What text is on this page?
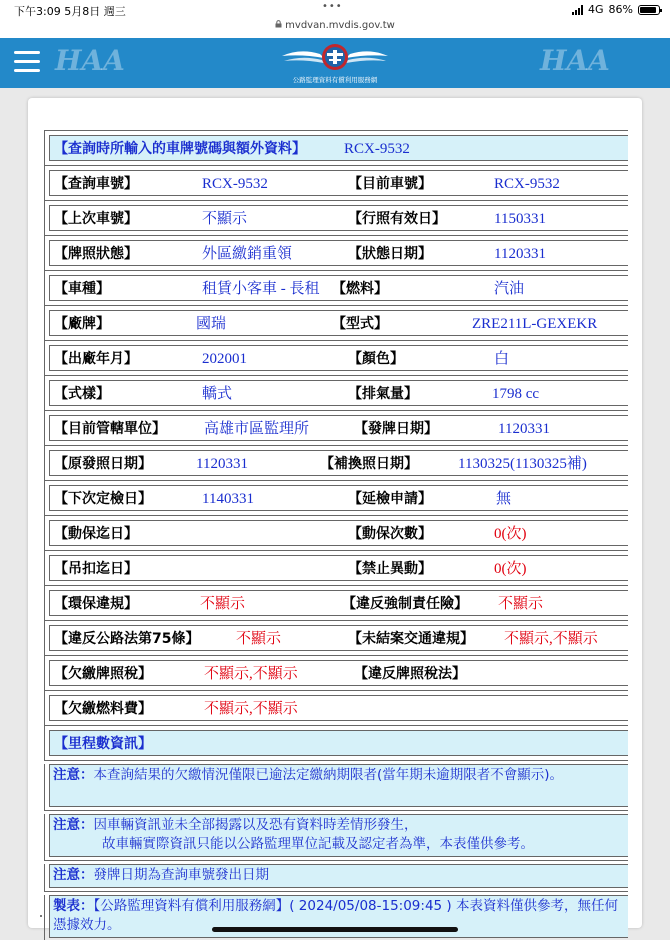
下午3:09 5月8日 週三	•••	4G 86%
mvdvan.mvdis.gov.tw
HAA	HAA
公路監理資料有償利用服務網
【查詢時所輸入的車牌號碼與額外資料】	RCX-9532
【查詢車號】	RCX-9532	【目前車號】	RCX-9532
【上次車號】	不顯示	【行照有效日】	1150331
【牌照狀態】	外區繳銷重領	【狀態日期】	1120331
【車種】	租賃小客車 - 長租 【燃料】	汽油
【廠牌】	國瑞	【型式】	ZRE211L-GEXEKR
【出廠年月】	202001	【顏色】	白
【式樣】	轎式	【排氣量】	1798 cc
【目前管轄單位】	高雄市區監理所	【發牌日期】	1120331
【原發照日期】	1120331	【補換照日期】	1130325(1130325補)
【下次定檢日】	1140331	【延檢申請】	無
【動保迄日】	【動保次數】	0(次)
【吊扣迄日】	【禁止異動】	0(次)
【環保違規】	不顯示	【違反強制責任險】 不顯示
【違反公路法第75條】 不顯示	【未結案交通違規】 不顯示,不顯示
【欠繳牌照稅】	不顯示,不顯示	【違反牌照稅法】
【欠繳燃料費】	不顯示,不顯示
【里程數資訊】
注意：本查詢結果的欠繳情況僅限已逾法定繳納期限者(當年期未逾期限者不會顯示)。
注意：因車輛資訊並未全部揭露以及恐有資料時差情形發生，
故車輛實際資訊只能以公路監理單位記載及認定者為準，本表僅供參考。
注意：發牌日期為查詢車號發出日期
製表：【公路監理資料有償利用服務網】( 2024/05/08-15:09:45 ) 本表資料僅供參考，無任何憑據效力。
